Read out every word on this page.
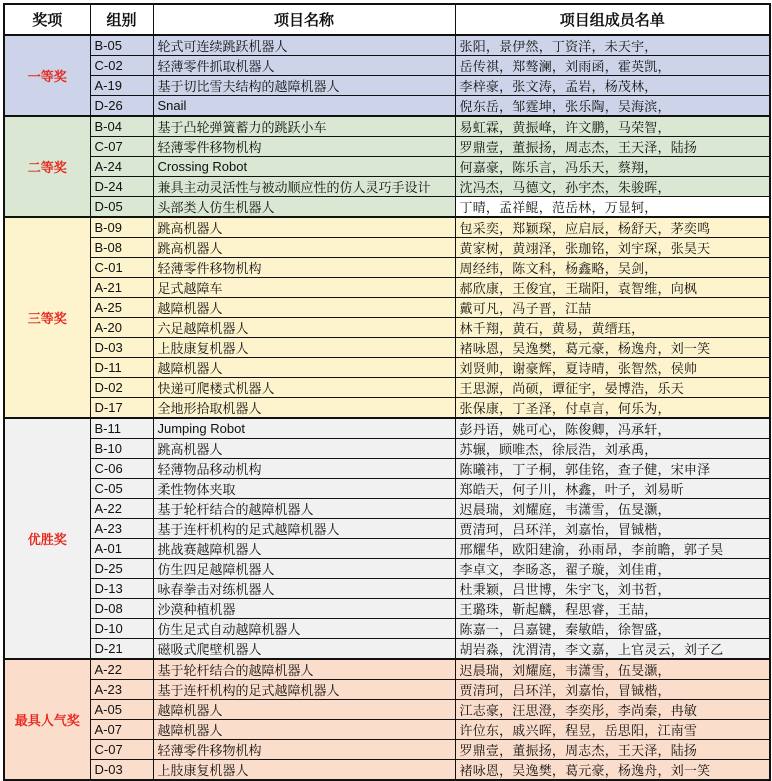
奖项	组别	项目名称	项目组成员名单
一等奖	B-05	轮式可连续跳跃机器人	张阳，景伊然，丁资洋，未天宇，
	C-02	轻薄零件抓取机器人	岳传祺，郑骜澜，刘雨函，霍英凯，
	A-19	基于切比雪夫结构的越障机器人	李梓豪，张文涛，孟岩，杨茂林，
	D-26	Snail	倪东岳，邹霆坤，张乐陶，吴海滨，
二等奖	B-04	基于凸轮弹簧蓄力的跳跃小车	易虹霖，黄振峰，许文鹏，马荣智，
	C-07	轻薄零件移物机构	罗鼎壹，董振扬，周志杰，王天泽，陆扬
	A-24	Crossing Robot	何嘉豪，陈乐言，冯乐天，蔡翔，
	D-24	兼具主动灵活性与被动顺应性的仿人灵巧手设计	沈冯杰，马德文，孙宇杰，朱骏晖，
	D-05	头部类人仿生机器人	丁晴，孟祥鲲，范岳林，万显轲，
三等奖	B-09	跳高机器人	包采奕，郑颖琛，应启辰，杨舒天，茅奕鸣
	B-08	跳高机器人	黄家树，黄翊泽，张珈铭，刘宇琛，张昊天
	C-01	轻薄零件移物机构	周经纬，陈文科，杨鑫略，吴剑，
	A-21	足式越障车	郝欣康，王俊宜，王瑞阳，袁智维，向枫
	A-25	越障机器人	戴可凡，冯子晋，江喆
	A-20	六足越障机器人	林千翔，黄石，黄易，黄缙珏，
	D-03	上肢康复机器人	褚咏恩，吴逸樊，葛元豪，杨逸舟，刘一笑
	D-11	越障机器人	刘贤帅，谢豪辉，夏诗晴，张智然，侯帅
	D-02	快递可爬楼式机器人	王思源，尚硕，谭征宇，晏博浩，乐天
	D-17	全地形拾取机器人	张保康，丁圣泽，付卓言，何乐为，
优胜奖	B-11	Jumping Robot	彭丹语，姚可心，陈俊卿，冯承轩，
	B-10	跳高机器人	苏辗，顾唯杰，徐辰浩，刘承禹，
	C-06	轻薄物品移动机构	陈曦祎，丁子桐，郭佳铭，查子健，宋申泽
	C-05	柔性物体夹取	郑皓天，何子川，林鑫，叶子，刘易昕
	A-22	基于轮杆结合的越障机器人	迟晨瑞，刘耀庭，韦潇雪，伍旻灏，
	A-23	基于连杆机构的足式越障机器人	贾清珂，吕环洋，刘嘉怡，冒铖楷，
	A-01	挑战赛越障机器人	邢耀华，欧阳建渝，孙雨昂，李前瞻，郭子昊
	D-25	仿生四足越障机器人	李卓文，李旸忞，翟子璇，刘佳甫，
	D-13	咏春拳击对练机器人	杜秉颖，吕世博，朱宇飞，刘书哲，
	D-08	沙漠种植机器	王璐珠，靳起麟，程思睿，王喆，
	D-10	仿生足式自动越障机器人	陈嘉一，吕嘉键，秦敏皓，徐智盛，
	D-21	磁吸式爬壁机器人	胡岩淼，沈渭清，李文嘉，上官灵云，刘子乙
最具人气奖	A-22	基于轮杆结合的越障机器人	迟晨瑞，刘耀庭，韦潇雪，伍旻灏，
	A-23	基于连杆机构的足式越障机器人	贾清珂，吕环洋，刘嘉怡，冒铖楷，
	A-05	越障机器人	江志豪，汪思澄，李奕彤，李尚秦，冉敏
	A-07	越障机器人	许位东，戚兴晖，程昱，岳思阳，江南雪
	C-07	轻薄零件移物机构	罗鼎壹，董振扬，周志杰，王天泽，陆扬
	D-03	上肢康复机器人	褚咏恩，吴逸樊，葛元豪，杨逸舟，刘一笑
